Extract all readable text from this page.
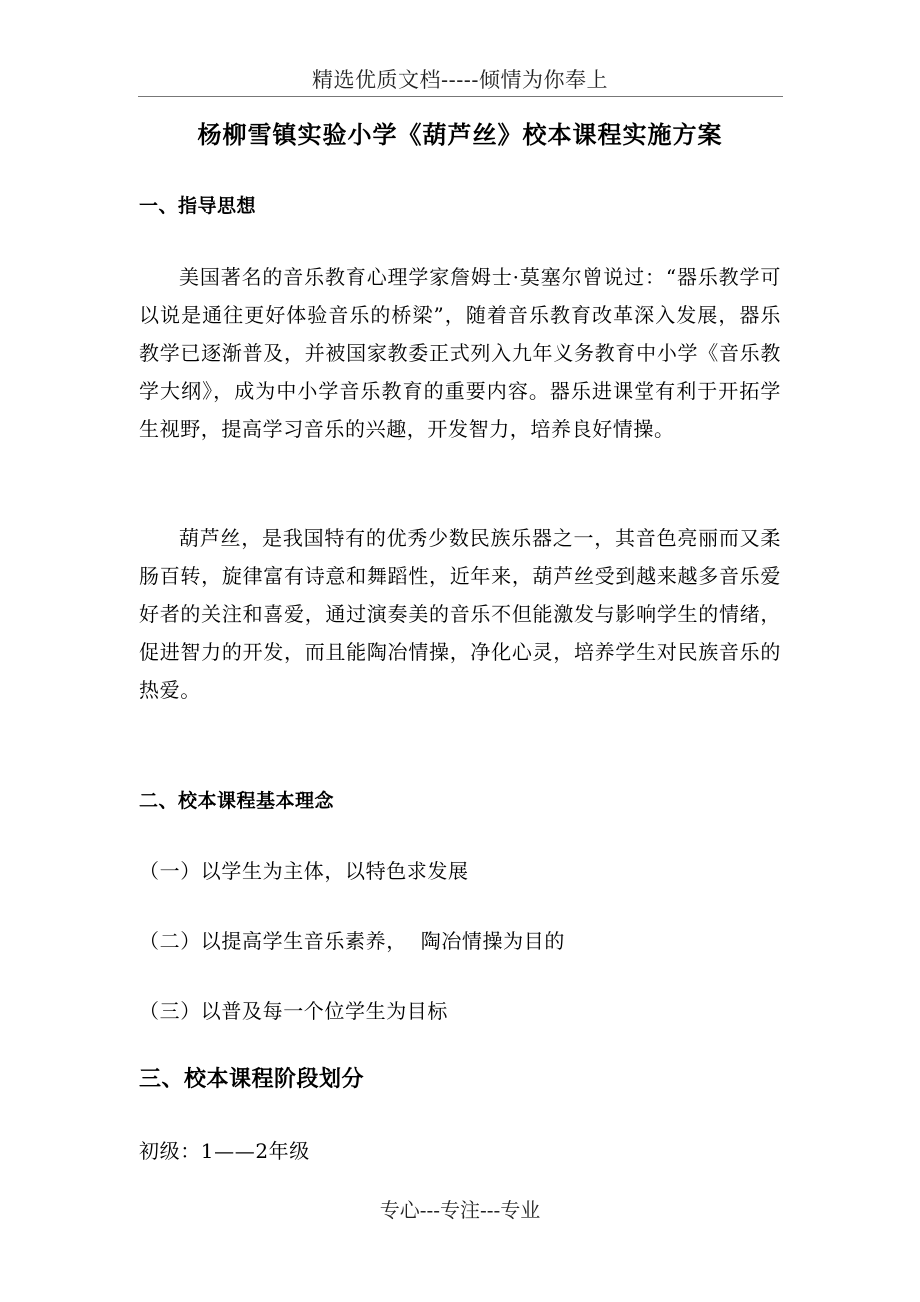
精选优质文档-----倾情为你奉上
杨柳雪镇实验小学《葫芦丝》校本课程实施方案
一、指导思想
美国著名的音乐教育心理学家詹姆士·莫塞尔曾说过：“器乐教学可以说是通往更好体验音乐的桥梁”，随着音乐教育改革深入发展，器乐教学已逐渐普及，并被国家教委正式列入九年义务教育中小学《音乐教学大纲》，成为中小学音乐教育的重要内容。器乐进课堂有利于开拓学生视野，提高学习音乐的兴趣，开发智力，培养良好情操。
葫芦丝，是我国特有的优秀少数民族乐器之一，其音色亮丽而又柔肠百转，旋律富有诗意和舞蹈性，近年来，葫芦丝受到越来越多音乐爱好者的关注和喜爱，通过演奏美的音乐不但能激发与影响学生的情绪，促进智力的开发，而且能陶冶情操，净化心灵，培养学生对民族音乐的热爱。
二、校本课程基本理念
（一）以学生为主体，以特色求发展
（二）以提高学生音乐素养，  陶冶情操为目的
（三）以普及每一个位学生为目标
三、校本课程阶段划分
初级：1——2年级
专心---专注---专业
